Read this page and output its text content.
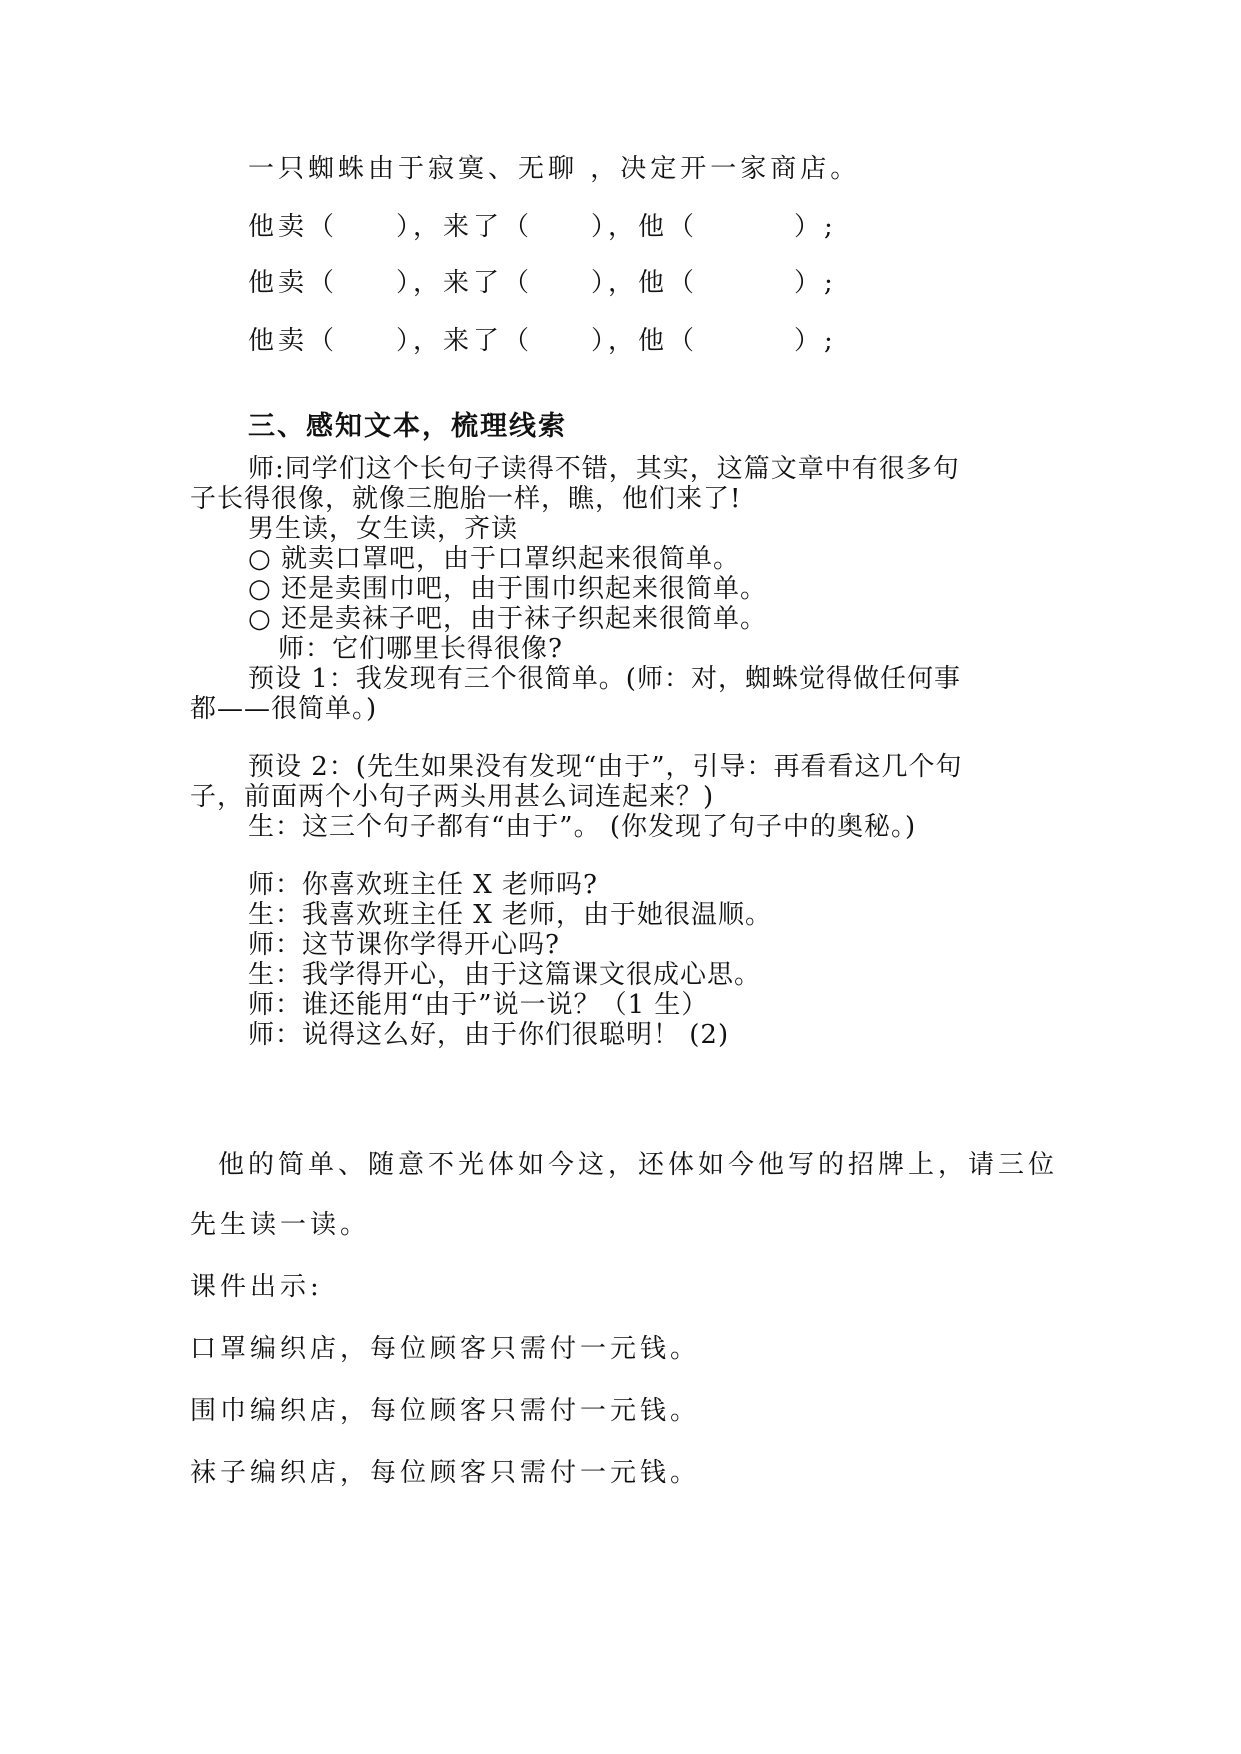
一只蜘蛛由于寂寞、无聊 ，决定开一家商店。
他卖（ ），来了（ ），他（	）;
他卖（ ），来了（ ），他（	）;
他卖（ ），来了（ ），他（	）;
三、感知文本，梳理线索
师:同学们这个长句子读得不错，其实，这篇文章中有很多句
子长得很像，就像三胞胎一样，瞧，他们来了!
男生读，女生读，齐读
○ 就卖口罩吧，由于口罩织起来很简单。
○ 还是卖围巾吧，由于围巾织起来很简单。
○ 还是卖袜子吧，由于袜子织起来很简单。
师：它们哪里长得很像?
预设 1：我发现有三个很简单。(师：对，蜘蛛觉得做任何事
都——很简单。)
预设 2：(先生如果没有发现“由于”，引导：再看看这几个句
子，前面两个小句子两头用甚么词连起来？)
生：这三个句子都有“由于”。 (你发现了句子中的奥秘。)
师：你喜欢班主任 X 老师吗?
生：我喜欢班主任 X 老师，由于她很温顺。
师：这节课你学得开心吗?
生：我学得开心，由于这篇课文很成心思。
师：谁还能用“由于”说一说？（1 生）
师：说得这么好，由于你们很聪明！ (2)
他的简单、随意不光体如今这，还体如今他写的招牌上，请三位
先生读一读。
课件出示:
口罩编织店，每位顾客只需付一元钱。
围巾编织店，每位顾客只需付一元钱。
袜子编织店，每位顾客只需付一元钱。
